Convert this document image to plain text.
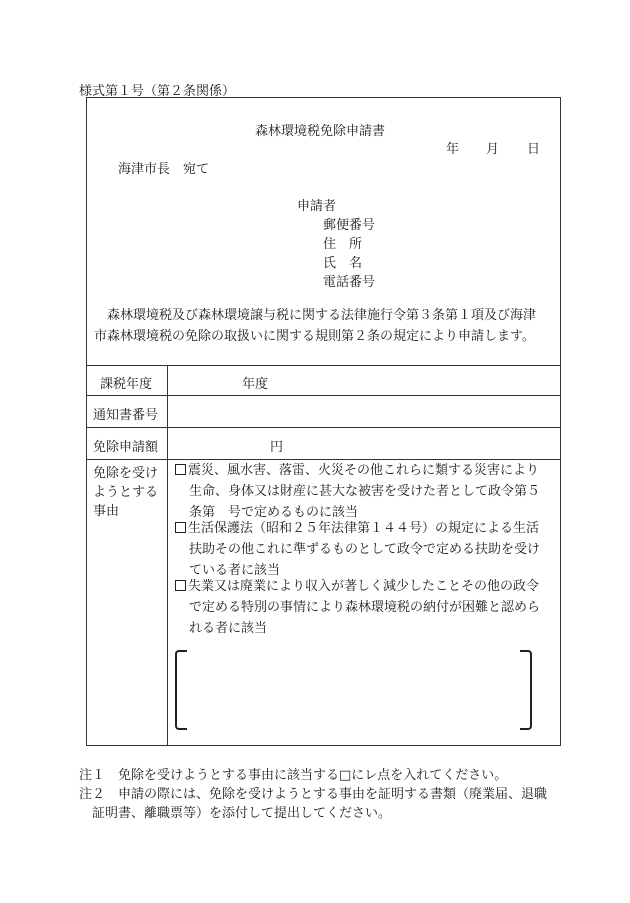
様式第１号（第２条関係）
森林環境税免除申請書
年 月 日
海津市長　宛て
申請者
郵便番号
住　所
氏　名
電話番号
森林環境税及び森林環境譲与税に関する法律施行令第３条第１項及び海津
市森林環境税の免除の取扱いに関する規則第２条の規定により申請します。
課税年度	年度
通知書番号
免除申請額	円
免除を受け
ようとする
事由
震災、風水害、落雷、火災その他これらに類する災害により
生命、身体又は財産に甚大な被害を受けた者として政令第５
条第　号で定めるものに該当
生活保護法（昭和２５年法律第１４４号）の規定による生活
扶助その他これに準ずるものとして政令で定める扶助を受け
ている者に該当
失業又は廃業により収入が著しく減少したことその他の政令
で定める特別の事情により森林環境税の納付が困難と認めら
れる者に該当
注１　免除を受けようとする事由に該当する□にレ点を入れてください。
注２　申請の際には、免除を受けようとする事由を証明する書類（廃業届、退職
証明書、離職票等）を添付して提出してください。
